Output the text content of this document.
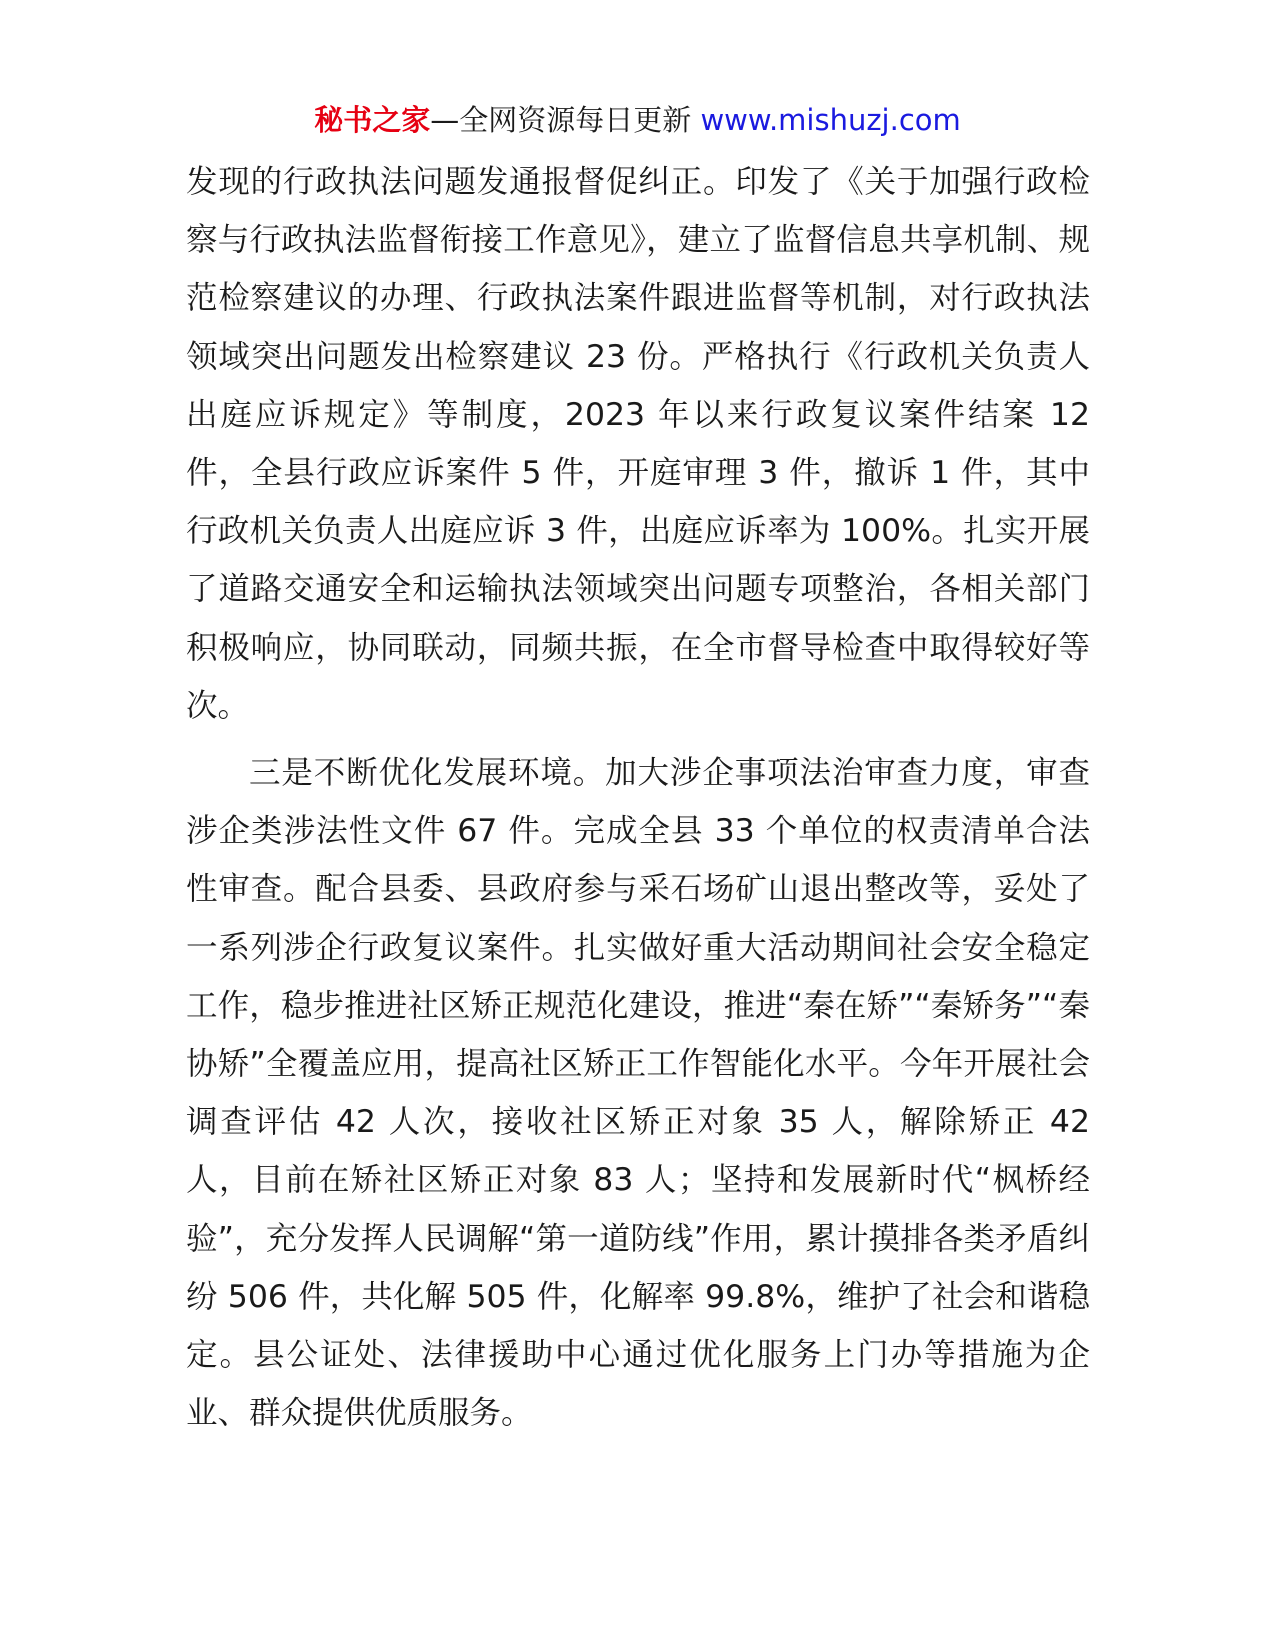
秘书之家—全网资源每日更新 www.mishuzj.com

发现的行政执法问题发通报督促纠正。印发了《关于加强行政检察与行政执法监督衔接工作意见》，建立了监督信息共享机制、规范检察建议的办理、行政执法案件跟进监督等机制，对行政执法领域突出问题发出检察建议 23 份。严格执行《行政机关负责人出庭应诉规定》等制度，2023 年以来行政复议案件结案 12 件，全县行政应诉案件 5 件，开庭审理 3 件，撤诉 1 件，其中行政机关负责人出庭应诉 3 件，出庭应诉率为 100%。扎实开展了道路交通安全和运输执法领域突出问题专项整治，各相关部门积极响应，协同联动，同频共振，在全市督导检查中取得较好等次。

三是不断优化发展环境。加大涉企事项法治审查力度，审查涉企类涉法性文件 67 件。完成全县 33 个单位的权责清单合法性审查。配合县委、县政府参与采石场矿山退出整改等，妥处了一系列涉企行政复议案件。扎实做好重大活动期间社会安全稳定工作，稳步推进社区矫正规范化建设，推进“秦在矫”“秦矫务”“秦协矫”全覆盖应用，提高社区矫正工作智能化水平。今年开展社会调查评估 42 人次，接收社区矫正对象 35 人，解除矫正 42 人，目前在矫社区矫正对象 83 人；坚持和发展新时代“枫桥经验”，充分发挥人民调解“第一道防线”作用，累计摸排各类矛盾纠纷 506 件，共化解 505 件，化解率 99.8%，维护了社会和谐稳定。县公证处、法律援助中心通过优化服务上门办等措施为企业、群众提供优质服务。
